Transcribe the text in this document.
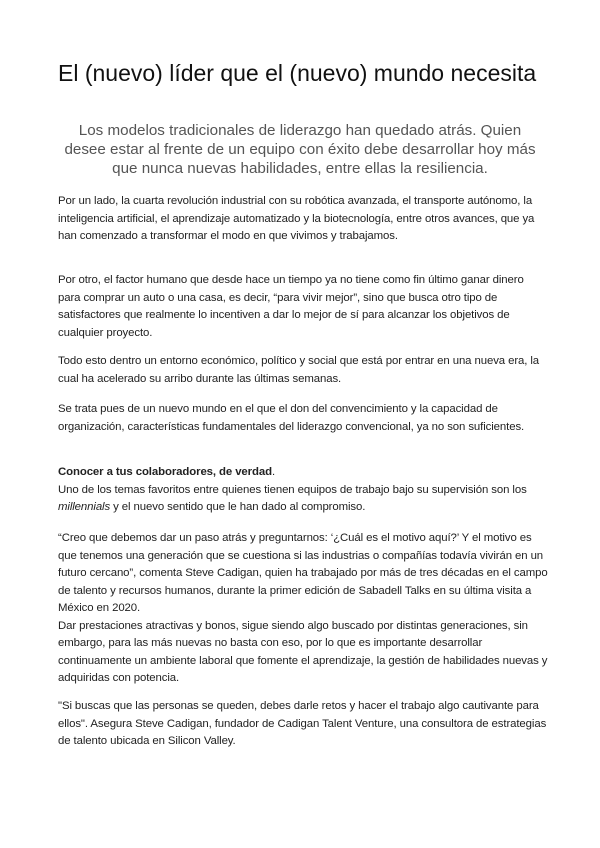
El (nuevo) líder que el (nuevo) mundo necesita

Los modelos tradicionales de liderazgo han quedado atrás. Quien desee estar al frente de un equipo con éxito debe desarrollar hoy más que nunca nuevas habilidades, entre ellas la resiliencia.

Por un lado, la cuarta revolución industrial con su robótica avanzada, el transporte autónomo, la inteligencia artificial, el aprendizaje automatizado y la biotecnología, entre otros avances, que ya han comenzado a transformar el modo en que vivimos y trabajamos.

Por otro, el factor humano que desde hace un tiempo ya no tiene como fin último ganar dinero para comprar un auto o una casa, es decir, “para vivir mejor”, sino que busca otro tipo de satisfactores que realmente lo incentiven a dar lo mejor de sí para alcanzar los objetivos de cualquier proyecto.

Todo esto dentro un entorno económico, político y social que está por entrar en una nueva era, la cual ha acelerado su arribo durante las últimas semanas.

Se trata pues de un nuevo mundo en el que el don del convencimiento y la capacidad de organización, características fundamentales del liderazgo convencional, ya no son suficientes.

Conocer a tus colaboradores, de verdad.
Uno de los temas favoritos entre quienes tienen equipos de trabajo bajo su supervisión son los millennials y el nuevo sentido que le han dado al compromiso.
“Creo que debemos dar un paso atrás y preguntarnos: ‘¿Cuál es el motivo aquí?’ Y el motivo es que tenemos una generación que se cuestiona si las industrias o compañías todavía vivirán en un futuro cercano”, comenta Steve Cadigan, quien ha trabajado por más de tres décadas en el campo de talento y recursos humanos, durante la primer edición de Sabadell Talks en su última visita a México en 2020.
Dar prestaciones atractivas y bonos, sigue siendo algo buscado por distintas generaciones, sin embargo, para las más nuevas no basta con eso, por lo que es importante desarrollar continuamente un ambiente laboral que fomente el aprendizaje, la gestión de habilidades nuevas y adquiridas con potencia.

"Si buscas que las personas se queden, debes darle retos y hacer el trabajo algo cautivante para ellos". Asegura Steve Cadigan, fundador de Cadigan Talent Venture, una consultora de estrategias de talento ubicada en Silicon Valley.
